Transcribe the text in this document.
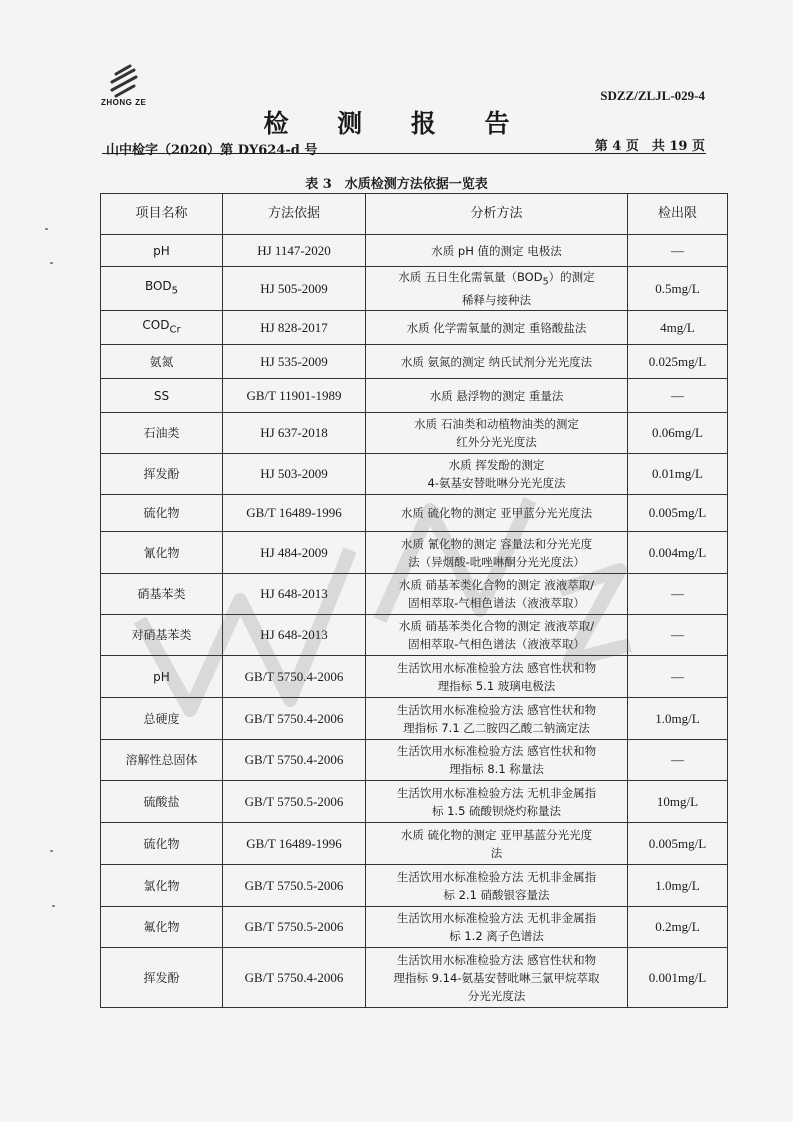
ZHONG ZE	SDZZ/ZLJL-029-4
检 测 报 告
山中检字（2020）第 DY624-d 号	第 4 页　共 19 页
表 3　水质检测方法依据一览表
项目名称	方法依据	分析方法	检出限
pH	HJ 1147-2020	水质 pH 值的测定 电极法	—
$BOD_5$	HJ 505-2009	水质 五日生化需氧量$(BOD_5)$的测定
稀释与接种法	0.5mg/L
$COD_{Cr}$	HJ 828-2017	水质 化学需氧量的测定 重铬酸盐法	4mg/L
氨氮	HJ 535-2009	水质 氨氮的测定 纳氏试剂分光光度法	0.025mg/L
SS	GB/T 11901-1989	水质 悬浮物的测定 重量法	—
石油类	HJ 637-2018	水质 石油类和动植物油类的测定
红外分光光度法	0.06mg/L
挥发酚	HJ 503-2009	水质 挥发酚的测定
4-氨基安替吡啉分光光度法	0.01mg/L
硫化物	GB/T 16489-1996	水质 硫化物的测定 亚甲蓝分光光度法	0.005mg/L
氰化物	HJ 484-2009	水质 氰化物的测定 容量法和分光光度
法（异烟酸-吡唑啉酮分光光度法）	0.004mg/L
硝基苯类	HJ 648-2013	水质 硝基苯类化合物的测定 液液萃取/
固相萃取-气相色谱法（液液萃取）	—
对硝基苯类	HJ 648-2013	水质 硝基苯类化合物的测定 液液萃取/
固相萃取-气相色谱法（液液萃取）	—
pH	GB/T 5750.4-2006	生活饮用水标准检验方法 感官性状和物
理指标 5.1 玻璃电极法	—
总硬度	GB/T 5750.4-2006	生活饮用水标准检验方法 感官性状和物
理指标 7.1 乙二胺四乙酸二钠滴定法	1.0mg/L
溶解性总固体	GB/T 5750.4-2006	生活饮用水标准检验方法 感官性状和物
理指标 8.1 称量法	—
硫酸盐	GB/T 5750.5-2006	生活饮用水标准检验方法 无机非金属指
标 1.5 硫酸钡烧灼称量法	10mg/L
硫化物	GB/T 16489-1996	水质 硫化物的测定 亚甲基蓝分光光度
法	0.005mg/L
氯化物	GB/T 5750.5-2006	生活饮用水标准检验方法 无机非金属指
标 2.1 硝酸银容量法	1.0mg/L
氟化物	GB/T 5750.5-2006	生活饮用水标准检验方法 无机非金属指
标 1.2 离子色谱法	0.2mg/L
挥发酚	GB/T 5750.4-2006	生活饮用水标准检验方法 感官性状和物
理指标 9.14-氨基安替吡啉三氯甲烷萃取
分光光度法	0.001mg/L
